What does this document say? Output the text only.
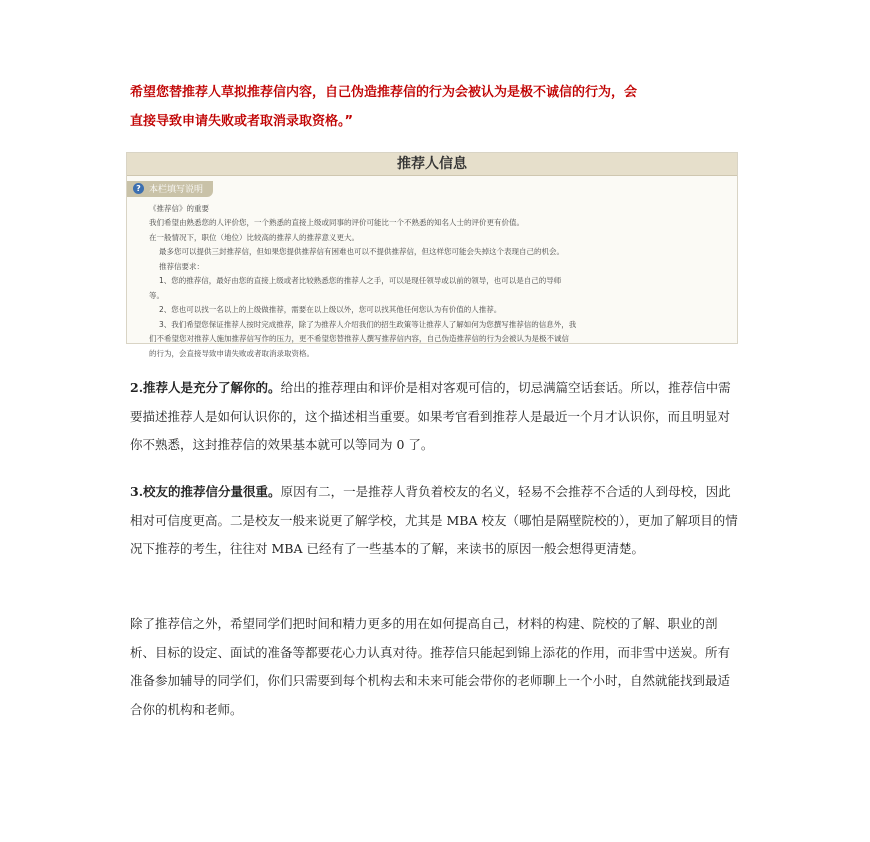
希望您替推荐人草拟推荐信内容，自己伪造推荐信的行为会被认为是极不诚信的行为，会
直接导致申请失败或者取消录取资格。”
推荐人信息
? 本栏填写说明

《推荐信》的重要

我们希望由熟悉您的人评价您，一个熟悉的直接上级或同事的评价可能比一个不熟悉的知名人士的评价更有价值。

在一般情况下，职位（地位）比较高的推荐人的推荐意义更大。

最多您可以提供三封推荐信，但如果您提供推荐信有困难也可以不提供推荐信，但这样您可能会失掉这个表现自己的机会。

推荐信要求：

1、您的推荐信，最好由您的直接上级或者比较熟悉您的推荐人之手，可以是现任领导或以前的领导，也可以是自己的导师

等。

2、您也可以找一名以上的上级做推荐，需要在以上级以外，您可以找其他任何您认为有价值的人推荐。

3、我们希望您保证推荐人按时完成推荐，除了为推荐人介绍我们的招生政策等让推荐人了解如何为您撰写推荐信的信息外，我

们不希望您对推荐人施加推荐信写作的压力，更不希望您替推荐人撰写推荐信内容，自己伪造推荐信的行为会被认为是极不诚信

的行为，会直接导致申请失败或者取消录取资格。

2.推荐人是充分了解你的。给出的推荐理由和评价是相对客观可信的，切忌满篇空话套话。所以，推荐信中需要描述推荐人是如何认识你的，这个描述相当重要。如果考官看到推荐人是最近一个月才认识你，而且明显对你不熟悉，这封推荐信的效果基本就可以等同为 0 了。
3.校友的推荐信分量很重。原因有二，一是推荐人背负着校友的名义，轻易不会推荐不合适的人到母校，因此相对可信度更高。二是校友一般来说更了解学校，尤其是 MBA 校友（哪怕是隔壁院校的），更加了解项目的情况下推荐的考生，往往对 MBA 已经有了一些基本的了解，来读书的原因一般会想得更清楚。
除了推荐信之外，希望同学们把时间和精力更多的用在如何提高自己，材料的构建、院校的了解、职业的剖析、目标的设定、面试的准备等都要花心力认真对待。推荐信只能起到锦上添花的作用，而非雪中送炭。所有准备参加辅导的同学们，你们只需要到每个机构去和未来可能会带你的老师聊上一个小时，自然就能找到最适合你的机构和老师。
